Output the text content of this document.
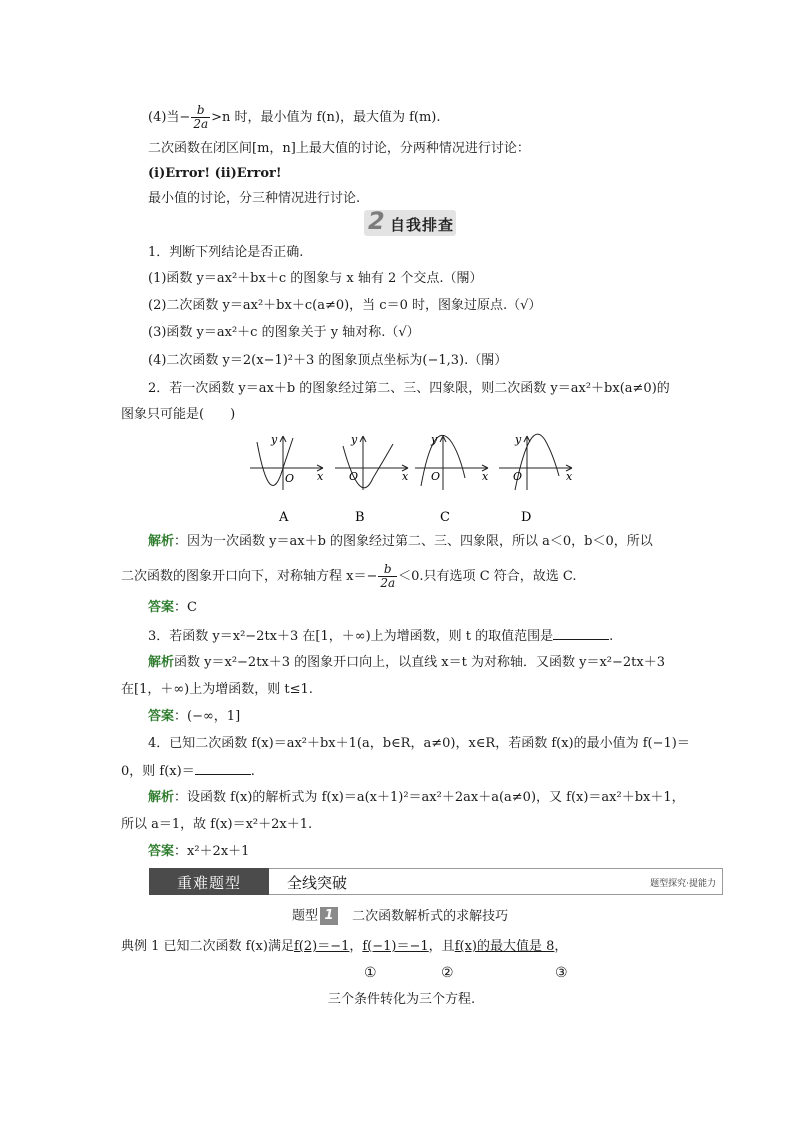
(4)当− $\frac{b}{2a} >n$ 时，最小值为 f(n)，最大值为 f(m).
二次函数在闭区间[m，n]上最大值的讨论，分两种情况进行讨论：
(ⅰ)Error! (ⅱ)Error!
最小值的讨论，分三种情况进行讨论.
2 自我排查
1．判断下列结论是否正确.
(1)函数 y＝ax²＋bx＋c 的图象与 x 轴有 2 个交点.（䦛）
(2)二次函数 y＝ax²＋bx＋c(a≠0)，当 c＝0 时，图象过原点.（√）
(3)函数 y＝ax²＋c 的图象关于 y 轴对称.（√）
(4)二次函数 y＝2(x−1)²＋3 的图象顶点坐标为(−1,3).（䦛）
2．若一次函数 y＝ax＋b 的图象经过第二、三、四象限，则二次函数 y＝ax²＋bx(a≠0)的
图象只可能是(　　)
y
x
O
y
x
O
y
x
O
y
x
O
A	B	C	D
解析：因为一次函数 y＝ax＋b 的图象经过第二、三、四象限，所以 a＜0，b＜0，所以
二次函数的图象开口向下，对称轴方程 $x=- \frac{b}{2a} <0$.只有选项 C 符合，故选 C.
答案：C
3．若函数 y＝x²−2tx＋3 在[1，＋∞)上为增函数，则 t 的取值范围是	.
解析函数 y＝x²−2tx＋3 的图象开口向上，以直线 x＝t 为对称轴．又函数 y＝x²−2tx＋3
在[1，＋∞)上为增函数，则 t≤1.
答案：(−∞，1]
4．已知二次函数 f(x)＝ax²＋bx＋1(a，b∈R，a≠0)，x∈R，若函数 f(x)的最小值为 f(−1)＝
0，则 f(x)＝	.
解析：设函数 f(x)的解析式为 f(x)＝a(x＋1)²＝ax²＋2ax＋a(a≠0)，又 f(x)＝ax²＋bx＋1，
所以 a＝1，故 f(x)＝x²＋2x＋1.
答案：x²＋2x＋1
重难题型	全线突破	题型探究·提能力
题型 1 二次函数解析式的求解技巧
典例 1 已知二次函数 f(x)满足f(2)＝−1，f(−1)＝−1，且f(x)的最大值是 8，
①	②	③
三个条件转化为三个方程.
